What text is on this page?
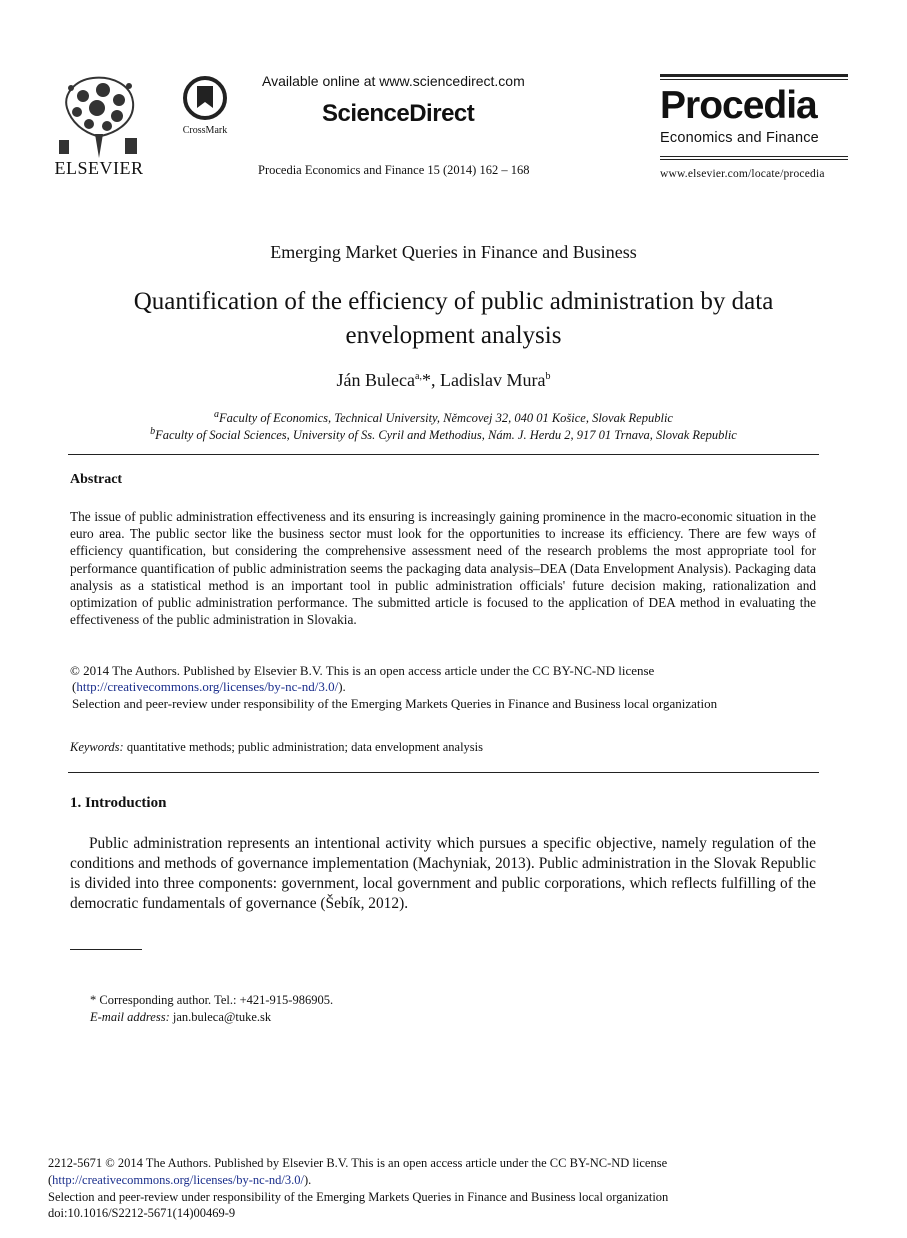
ELSEVIER
CrossMark
Available online at www.sciencedirect.com
ScienceDirect
Procedia Economics and Finance 15 (2014) 162 – 168
Procedia
Economics and Finance
www.elsevier.com/locate/procedia
Emerging Market Queries in Finance and Business
Quantification of the efficiency of public administration by data
envelopment analysis
Ján Buleca$^{a,}$*, Ladislav Mura$^b$
$^a$Faculty of Economics, Technical University, Němcovej 32, 040 01 Košice, Slovak Republic
$^b$Faculty of Social Sciences, University of Ss. Cyril and Methodius, Nám. J. Herdu 2, 917 01 Trnava, Slovak Republic
Abstract
The issue of public administration effectiveness and its ensuring is increasingly gaining prominence in the macro-economic situation in the euro area. The public sector like the business sector must look for the opportunities to increase its efficiency. There are few ways of efficiency quantification, but considering the comprehensive assessment need of the research problems the most appropriate tool for performance quantification of public administration seems the packaging data analysis–DEA (Data Envelopment Analysis). Packaging data analysis as a statistical method is an important tool in public administration officials' future decision making, rationalization and optimization of public administration performance. The submitted article is focused to the application of DEA method in evaluating the effectiveness of the public administration in Slovakia.
© 2014 The Authors. Published by Elsevier B.V. This is an open access article under the CC BY-NC-ND license
(http://creativecommons.org/licenses/by-nc-nd/3.0/).
Selection and peer-review under responsibility of the Emerging Markets Queries in Finance and Business local organization
Keywords: quantitative methods; public administration; data envelopment analysis
1. Introduction
Public administration represents an intentional activity which pursues a specific objective, namely regulation of the conditions and methods of governance implementation (Machyniak, 2013). Public administration in the Slovak Republic is divided into three components: government, local government and public corporations, which reflects fulfilling of the democratic fundamentals of governance (Šebík, 2012).
* Corresponding author. Tel.: +421-915-986905.
E-mail address: jan.buleca@tuke.sk
2212-5671 © 2014 The Authors. Published by Elsevier B.V. This is an open access article under the CC BY-NC-ND license
(http://creativecommons.org/licenses/by-nc-nd/3.0/).
Selection and peer-review under responsibility of the Emerging Markets Queries in Finance and Business local organization
doi:10.1016/S2212-5671(14)00469-9
